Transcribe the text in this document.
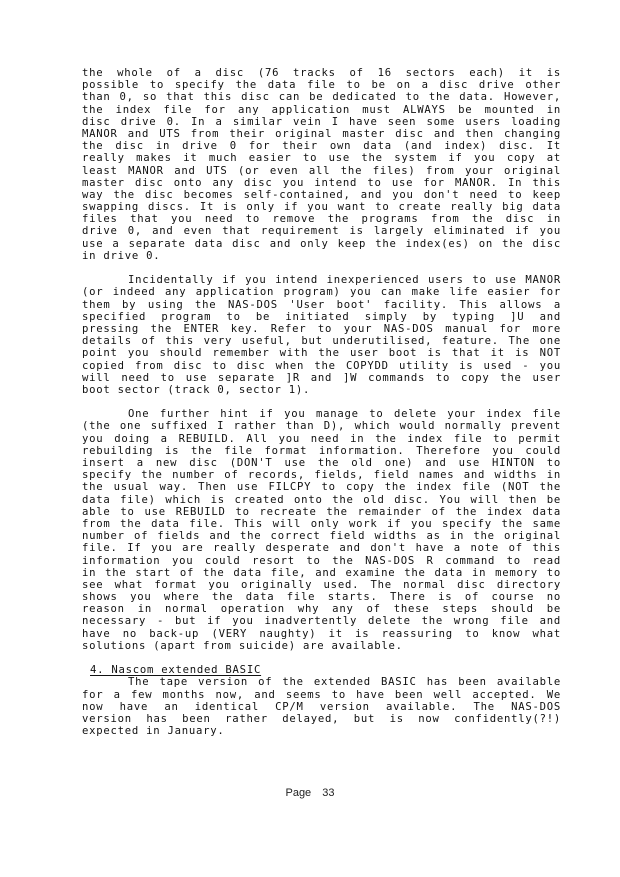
the whole of a disc (76 tracks of 16 sectors each) it is
possible to specify the data file to be on a disc drive other
than 0, so that this disc can be dedicated to the data. However,
the index file for any application must ALWAYS be mounted in
disc drive 0. In a similar vein I have seen some users loading
MANOR and UTS from their original master disc and then changing
the disc in drive 0 for their own data (and index) disc. It
really makes it much easier to use the system if you copy at
least MANOR and UTS (or even all the files) from your original
master disc onto any disc you intend to use for MANOR. In this
way the disc becomes self-contained, and you don't need to keep
swapping discs. It is only if you want to create really big data
files that you need to remove the programs from the disc in
drive 0, and even that requirement is largely eliminated if you
use a separate data disc and only keep the index(es) on the disc
in drive 0.
Incidentally if you intend inexperienced users to use MANOR
(or indeed any application program) you can make life easier for
them by using the NAS-DOS 'User boot' facility. This allows a
specified program to be initiated simply by typing ]U and
pressing the ENTER key. Refer to your NAS-DOS manual for more
details of this very useful, but underutilised, feature. The one
point you should remember with the user boot is that it is NOT
copied from disc to disc when the COPYDD utility is used - you
will need to use separate ]R and ]W commands to copy the user
boot sector (track 0, sector 1).
One further hint if you manage to delete your index file
(the one suffixed I rather than D), which would normally prevent
you doing a REBUILD. All you need in the index file to permit
rebuilding is the file format information. Therefore you could
insert a new disc (DON'T use the old one) and use HINTON to
specify the number of records, fields, field names and widths in
the usual way. Then use FILCPY to copy the index file (NOT the
data file) which is created onto the old disc. You will then be
able to use REBUILD to recreate the remainder of the index data
from the data file. This will only work if you specify the same
number of fields and the correct field widths as in the original
file. If you are really desperate and don't have a note of this
information you could resort to the NAS-DOS R command to read
in the start of the data file, and examine the data in memory to
see what format you originally used. The normal disc directory
shows you where the data file starts. There is of course no
reason in normal operation why any of these steps should be
necessary - but if you inadvertently delete the wrong file and
have no back-up (VERY naughty) it is reassuring to know what
solutions (apart from suicide) are available.
4. Nascom extended BASIC
The tape version of the extended BASIC has been available
for a few months now, and seems to have been well accepted. We
now have an identical CP/M version available. The NAS-DOS
version has been rather delayed, but is now confidently(?!)
expected in January.
Page 33
